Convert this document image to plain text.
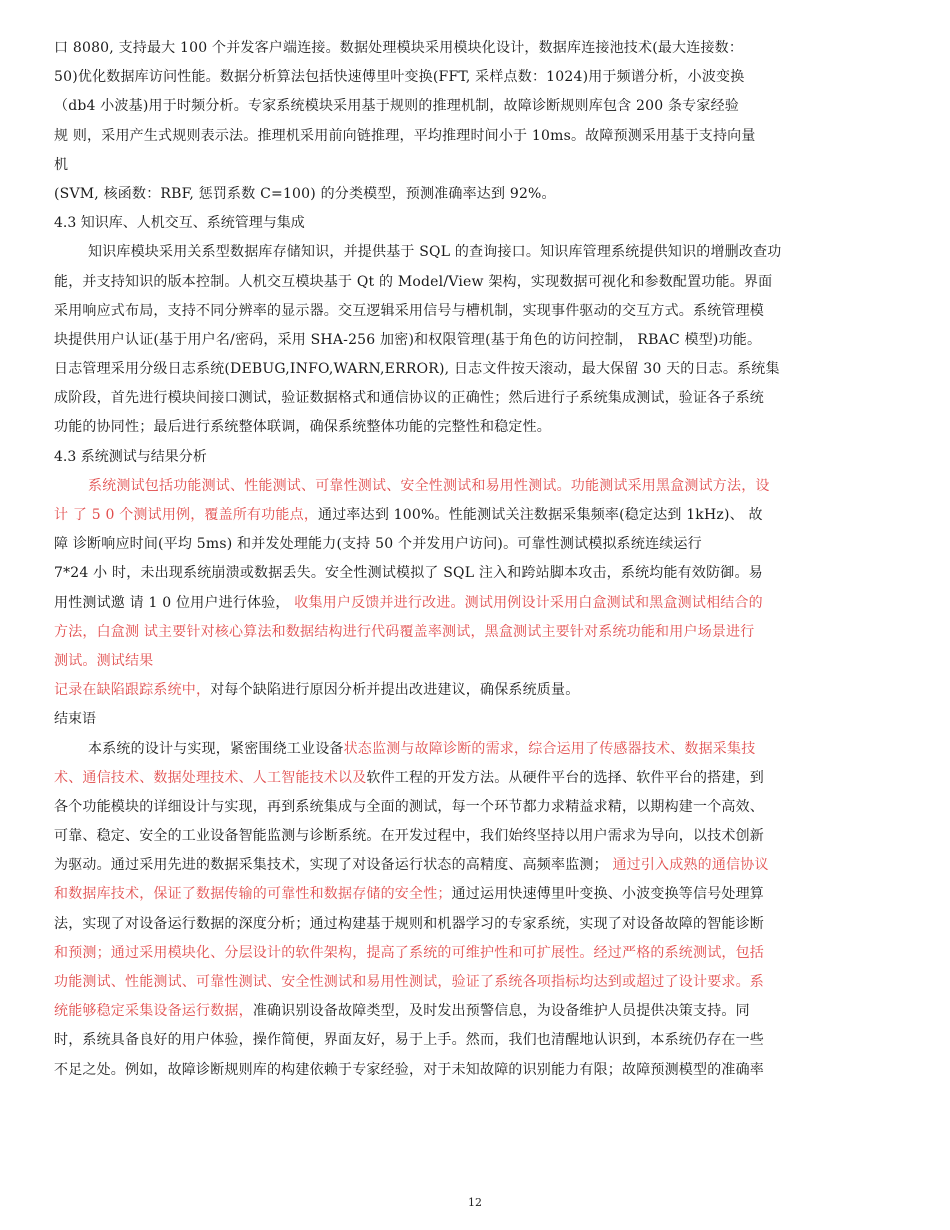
口 8080, 支持最大 100 个并发客户端连接。数据处理模块采用模块化设计，数据库连接池技术(最大连接数：
50)优化数据库访问性能。数据分析算法包括快速傅里叶变换(FFT, 采样点数：1024)用于频谱分析，小波变换
（db4 小波基)用于时频分析。专家系统模块采用基于规则的推理机制，故障诊断规则库包含 200 条专家经验
规 则，采用产生式规则表示法。推理机采用前向链推理，平均推理时间小于 10ms。故障预测采用基于支持向量
机
(SVM, 核函数：RBF, 惩罚系数 C=100) 的分类模型，预测准确率达到 92%。
4.3 知识库、人机交互、系统管理与集成
知识库模块采用关系型数据库存储知识，并提供基于 SQL 的查询接口。知识库管理系统提供知识的增删改查功
能，并支持知识的版本控制。人机交互模块基于 Qt 的 Model/View 架构，实现数据可视化和参数配置功能。界面
采用响应式布局，支持不同分辨率的显示器。交互逻辑采用信号与槽机制，实现事件驱动的交互方式。系统管理模
块提供用户认证(基于用户名/密码，采用 SHA-256 加密)和权限管理(基于角色的访问控制， RBAC 模型)功能。
日志管理采用分级日志系统(DEBUG,INFO,WARN,ERROR), 日志文件按天滚动，最大保留 30 天的日志。系统集
成阶段，首先进行模块间接口测试，验证数据格式和通信协议的正确性；然后进行子系统集成测试，验证各子系统
功能的协同性；最后进行系统整体联调，确保系统整体功能的完整性和稳定性。
4.3 系统测试与结果分析
系统测试包括功能测试、性能测试、可靠性测试、安全性测试和易用性测试。功能测试采用黑盒测试方法，设
计 了 5 0 个测试用例，覆盖所有功能点，通过率达到 100%。性能测试关注数据采集频率(稳定达到 1kHz)、 故
障 诊断响应时间(平均 5ms) 和并发处理能力(支持 50 个并发用户访问)。可靠性测试模拟系统连续运行
7*24 小 时，未出现系统崩溃或数据丢失。安全性测试模拟了 SQL 注入和跨站脚本攻击，系统均能有效防御。易
用性测试邀 请 1 0 位用户进行体验， 收集用户反馈并进行改进。测试用例设计采用白盒测试和黑盒测试相结合的
方法，白盒测 试主要针对核心算法和数据结构进行代码覆盖率测试，黑盒测试主要针对系统功能和用户场景进行
测试。测试结果
记录在缺陷跟踪系统中，对每个缺陷进行原因分析并提出改进建议，确保系统质量。
结束语
本系统的设计与实现，紧密围绕工业设备状态监测与故障诊断的需求，综合运用了传感器技术、数据采集技
术、通信技术、数据处理技术、人工智能技术以及软件工程的开发方法。从硬件平台的选择、软件平台的搭建，到
各个功能模块的详细设计与实现，再到系统集成与全面的测试，每一个环节都力求精益求精，以期构建一个高效、
可靠、稳定、安全的工业设备智能监测与诊断系统。在开发过程中，我们始终坚持以用户需求为导向，以技术创新
为驱动。通过采用先进的数据采集技术，实现了对设备运行状态的高精度、高频率监测； 通过引入成熟的通信协议
和数据库技术，保证了数据传输的可靠性和数据存储的安全性；通过运用快速傅里叶变换、小波变换等信号处理算
法，实现了对设备运行数据的深度分析；通过构建基于规则和机器学习的专家系统，实现了对设备故障的智能诊断
和预测；通过采用模块化、分层设计的软件架构，提高了系统的可维护性和可扩展性。经过严格的系统测试，包括
功能测试、性能测试、可靠性测试、安全性测试和易用性测试，验证了系统各项指标均达到或超过了设计要求。系
统能够稳定采集设备运行数据，准确识别设备故障类型，及时发出预警信息，为设备维护人员提供决策支持。同
时，系统具备良好的用户体验，操作简便，界面友好，易于上手。然而，我们也清醒地认识到，本系统仍存在一些
不足之处。例如，故障诊断规则库的构建依赖于专家经验，对于未知故障的识别能力有限；故障预测模型的准确率
12
